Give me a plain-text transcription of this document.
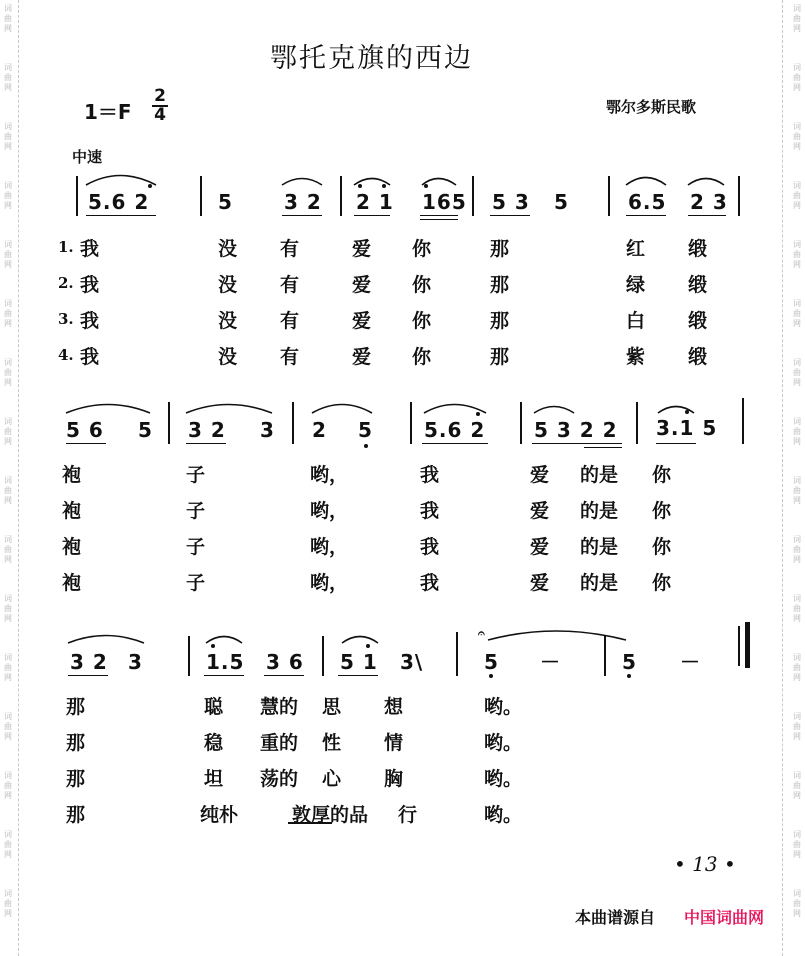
词
曲
网
词
曲
网
词
曲
网
词
曲
网
词
曲
网
词
曲
网
词
曲
网
词
曲
网
词
曲
网
词
曲
网
词
曲
网
词
曲
网
词
曲
网
词
曲
网
词
曲
网
词
曲
网
词
曲
网
词
曲
网
词
曲
网
词
曲
网
词
曲
网
词
曲
网
词
曲
网
词
曲
网
词
曲
网
词
曲
网
词
曲
网
词
曲
网
词
曲
网
词
曲
网
词
曲
网
词
曲
网
鄂托克旗的西边
1＝F
2
4	鄂尔多斯民歌
中速
5.6 2	5	3 2 2 1 165 5 3 5	6.5 2 3
1.
2.
3.
4.
我	没 有	爱 你	那	红 缎
我	没 有	爱 你	那	绿 缎
我	没 有	爱 你	那	白 缎
我	没 有	爱 你	那	紫 缎
5 6 5 3 2 3 2 5	5.6 2 5 3 2 2 3.1 5
袍	子	哟，	我	爱 的是 你
袍	子	哟，	我	爱 的是 你
袍	子	哟，	我	爱 的是 你
袍	子	哟，	我	爱 的是 你
3 2 3	1.5 3 6 5 1 3\
𝄐
5 －	5 －
那	聪 慧的 思 想	哟。
那	稳 重的 性 情	哟。
那	坦 荡的 心 胸	哟。
那	纯朴	敦厚的品 行	哟。
• 13 •
本曲谱源自 中国词曲网
